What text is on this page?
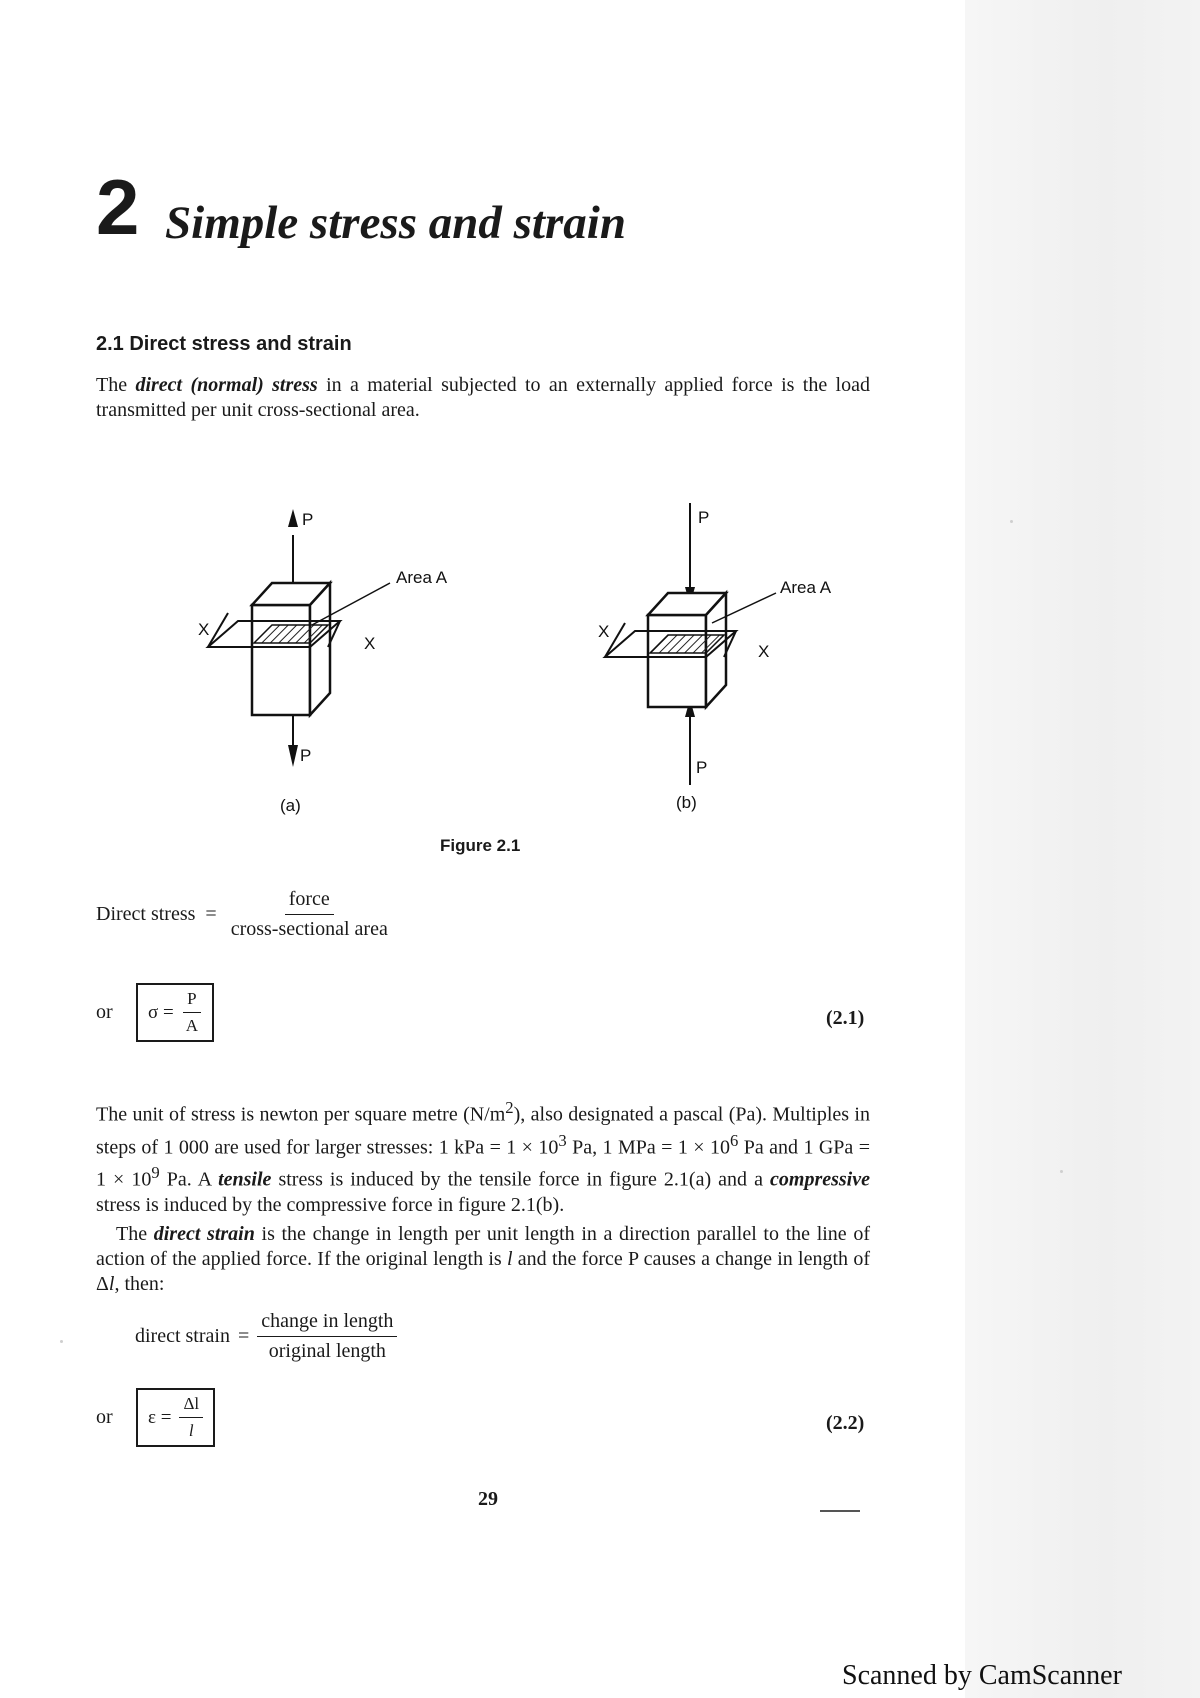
2 Simple stress and strain
2.1 Direct stress and strain
The direct (normal) stress in a material subjected to an externally applied force is the load transmitted per unit cross-sectional area.
P
P
Area A
X
X
(a)
P
P
Area A
X
X
(b)
Figure 2.1
Direct stress = $\frac{\text{force}}{\text{cross-sectional area}}$
or	$\sigma = \frac{P}{A}$	(2.1)
The unit of stress is newton per square metre $(N/m^2)$, also designated a pascal (Pa). Multiples in steps of 1 000 are used for larger stresses: 1 kPa = $1 \times 10^3$ Pa, 1 MPa = $1 \times 10^6$ Pa and 1 GPa = $1 \times 10^9$ Pa. A tensile stress is induced by the tensile force in figure 2.1(a) and a compressive stress is induced by the compressive force in figure 2.1(b).
The direct strain is the change in length per unit length in a direction parallel to the line of action of the applied force. If the original length is l and the force P causes a change in length of Δl, then:
direct strain = $\frac{\text{change in length}}{\text{original length}}$
or	$\varepsilon = \frac{\Delta l}{l}$	(2.2)
29
Scanned by CamScanner
